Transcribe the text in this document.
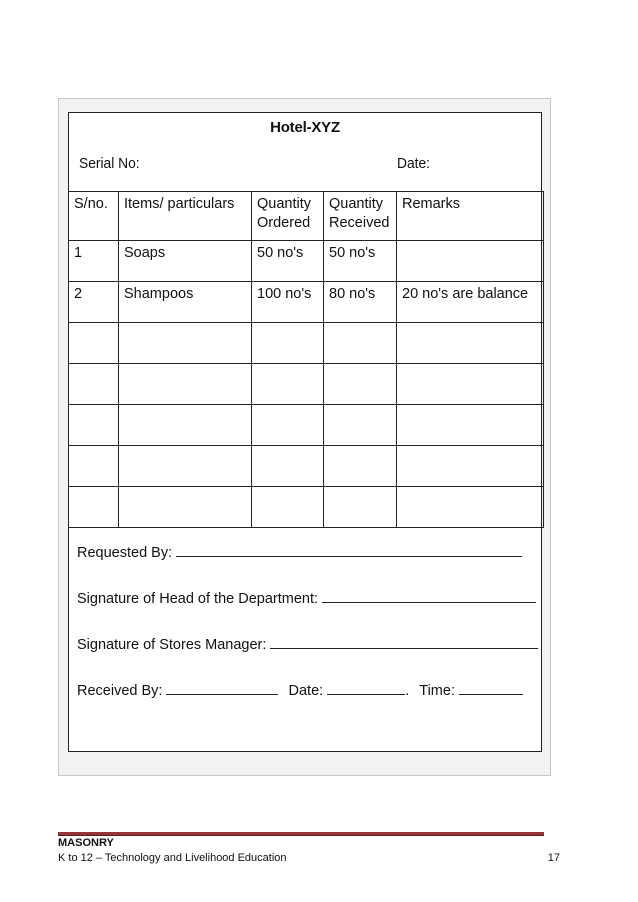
Hotel-XYZ
Serial No:	Date:
S/no.	Items/ particulars	Quantity Ordered	Quantity Received	Remarks
1	Soaps	50 no's	50 no's	
2	Shampoos	100 no's	80 no's	20 no's are balance

Requested By:
Signature of Head of the Department:
Signature of Stores Manager:
Received By:	Date:	. Time:
MASONRY
K to 12 – Technology and Livelihood Education	17
